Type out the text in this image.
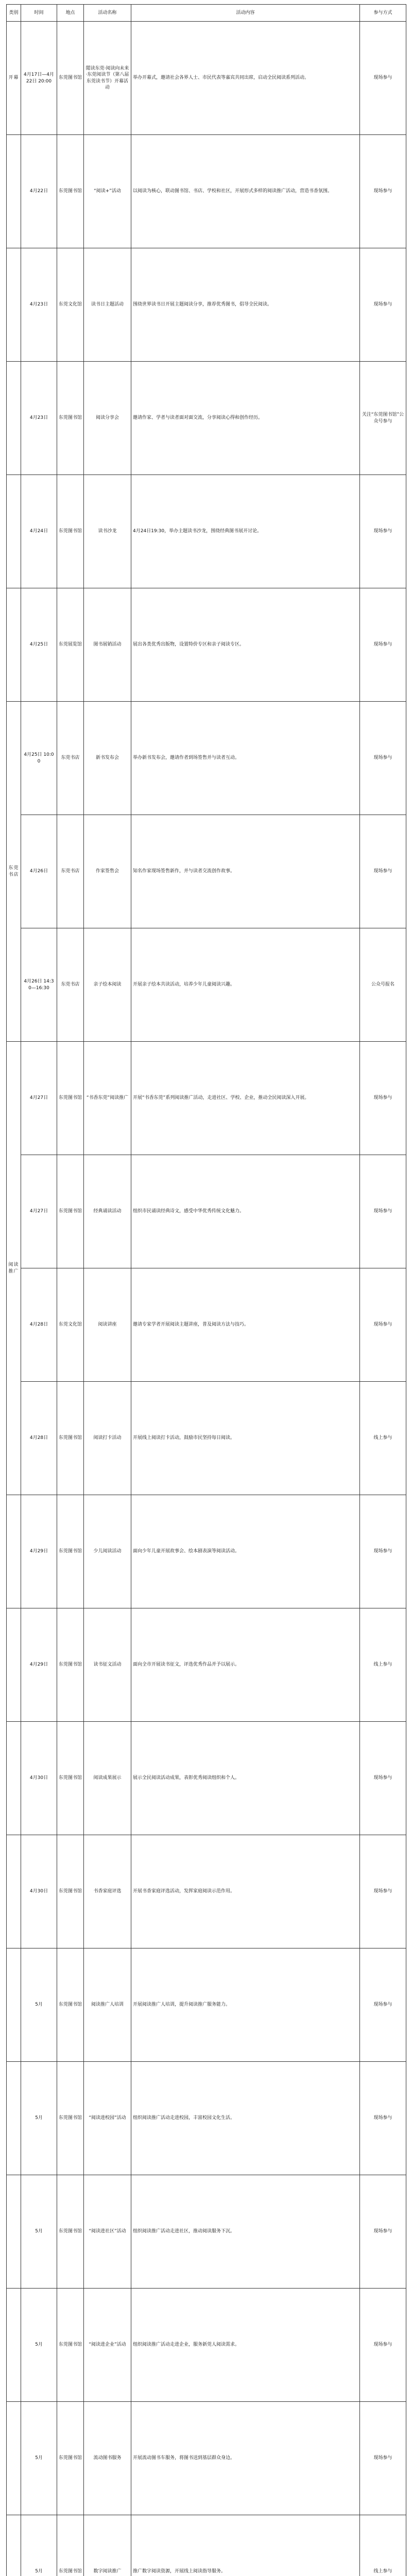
类别	时间	地点	活动名称	活动内容	参与方式
开幕	4月17日—4月22日 20:00	东莞图书馆	閲读东莞·阅读向未来·东莞阅读节（第八届东莞读书节）开幕活动	举办开幕式，邀请社会各界人士、市民代表等嘉宾共同出席，启动全民阅读系列活动。	现场参与
	4月22日	东莞图书馆	“阅读+”活动	以阅读为核心，联动图书馆、书店、学校和社区，开展形式多样的阅读推广活动，营造书香氛围。	现场参与
	4月23日	东莞文化馆	读书日主题活动	围绕世界读书日开展主题阅读分享，推荐优秀图书，倡导全民阅读。	现场参与
	4月23日	东莞图书馆	阅读分享会	邀请作家、学者与读者面对面交流，分享阅读心得和创作经历。	关注“东莞图书馆”公众号参与
	4月24日	东莞图书馆	读书沙龙	4月24日19:30，举办主题读书沙龙，围绕经典图书展开讨论。	现场参与
	4月25日	东莞展览馆	图书展销活动	展出各类优秀出版物，设置特价专区和亲子阅读专区。	现场参与
东莞书店	4月25日 10:00	东莞书店	新书发布会	举办新书发布会，邀请作者到场签售并与读者互动。	现场参与
	4月26日	东莞书店	作家签售会	知名作家现场签售新作，并与读者交流创作故事。	现场参与
	4月26日 14:30—16:30	东莞书店	亲子绘本阅读	开展亲子绘本共读活动，培养少年儿童阅读兴趣。	公众号报名
阅读推广	4月27日	东莞图书馆	“书香东莞”阅读推广	开展“书香东莞”系列阅读推广活动，走进社区、学校、企业，推动全民阅读深入开展。	现场参与
	4月27日	东莞图书馆	经典诵读活动	组织市民诵读经典诗文，感受中华优秀传统文化魅力。	现场参与
	4月28日	东莞文化馆	阅读讲座	邀请专家学者开展阅读主题讲座，普及阅读方法与技巧。	现场参与
	4月28日	东莞图书馆	阅读打卡活动	开展线上阅读打卡活动，鼓励市民坚持每日阅读。	线上参与
	4月29日	东莞图书馆	少儿阅读活动	面向少年儿童开展故事会、绘本剧表演等阅读活动。	现场参与
	4月29日	东莞图书馆	读书征文活动	面向全市开展读书征文，评选优秀作品并予以展示。	线上参与
	4月30日	东莞图书馆	阅读成果展示	展示全民阅读活动成果，表彰优秀阅读组织和个人。	现场参与
	4月30日	东莞图书馆	书香家庭评选	开展书香家庭评选活动，发挥家庭阅读示范作用。	现场参与
	5月	东莞图书馆	阅读推广人培训	开展阅读推广人培训，提升阅读推广服务能力。	现场参与
	5月	东莞图书馆	“阅读进校园”活动	组织阅读推广活动走进校园，丰富校园文化生活。	现场参与
	5月	东莞图书馆	“阅读进社区”活动	组织阅读推广活动走进社区，推动阅读服务下沉。	现场参与
	5月	东莞图书馆	“阅读进企业”活动	组织阅读推广活动走进企业，服务新莞人阅读需求。	现场参与
	5月	东莞图书馆	流动图书服务	开展流动图书车服务，将图书送到基层群众身边。	现场参与
	5月	东莞图书馆	数字阅读推广	推广数字阅读资源，开展线上阅读指导服务。	线上参与
